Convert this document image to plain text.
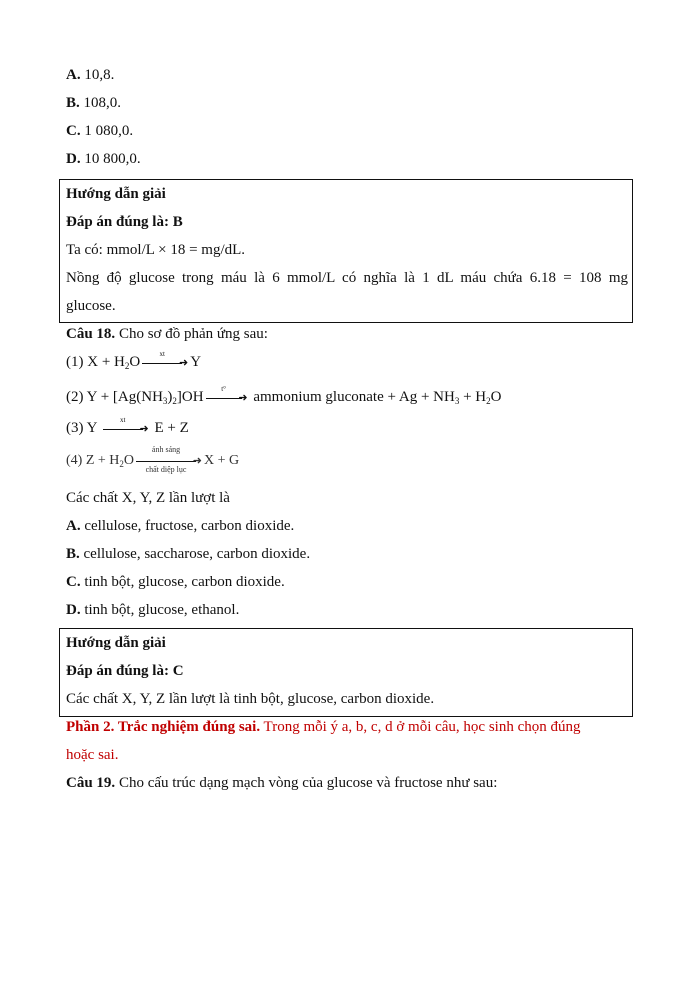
A. 10,8.
B. 108,0.
C. 1 080,0.
D. 10 800,0.
Hướng dẫn giải
Đáp án đúng là: B
Ta có: mmol/L × 18 = mg/dL.
Nồng độ glucose trong máu là 6 mmol/L có nghĩa là 1 dL máu chứa 6.18 = 108 mg
glucose.
Câu 18. Cho sơ đồ phản ứng sau:
(1) $X + H_2O$
xt
➜ Y
(2) $Y + [Ag(NH_3)_2]OH$
t°
➜ ammonium gluconate + $Ag + NH_3 + H_2O$
(3) Y
xt
➜ E + Z
(4) $Z + H_2O$
ánh sáng
➜
chất diệp lục
X + G
Các chất X, Y, Z lần lượt là
A. cellulose, fructose, carbon dioxide.
B. cellulose, saccharose, carbon dioxide.
C. tinh bột, glucose, carbon dioxide.
D. tinh bột, glucose, ethanol.
Hướng dẫn giải
Đáp án đúng là: C
Các chất X, Y, Z lần lượt là tinh bột, glucose, carbon dioxide.
Phần 2. Trắc nghiệm đúng sai. Trong mỗi ý a, b, c, d ở mỗi câu, học sinh chọn đúng
hoặc sai.
Câu 19. Cho cấu trúc dạng mạch vòng của glucose và fructose như sau:
